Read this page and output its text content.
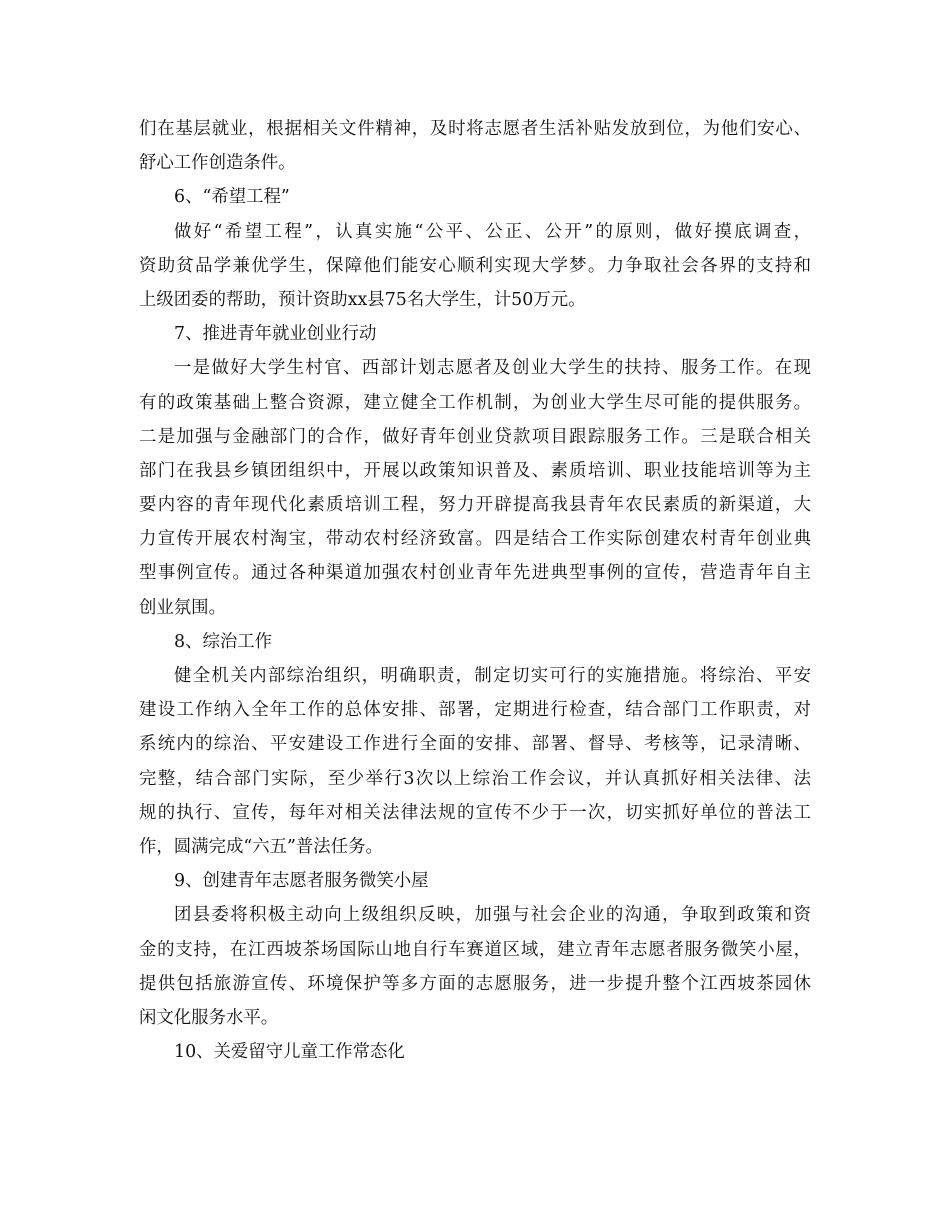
们在基层就业，根据相关文件精神，及时将志愿者生活补贴发放到位，为他们安心、
舒心工作创造条件。
6、“希望工程”
做好“希望工程”，认真实施“公平、公正、公开”的原则，做好摸底调查，
资助贫品学兼优学生，保障他们能安心顺利实现大学梦。力争取社会各界的支持和
上级团委的帮助，预计资助xx县75名大学生，计50万元。
7、推进青年就业创业行动
一是做好大学生村官、西部计划志愿者及创业大学生的扶持、服务工作。在现
有的政策基础上整合资源，建立健全工作机制，为创业大学生尽可能的提供服务。
二是加强与金融部门的合作，做好青年创业贷款项目跟踪服务工作。三是联合相关
部门在我县乡镇团组织中，开展以政策知识普及、素质培训、职业技能培训等为主
要内容的青年现代化素质培训工程，努力开辟提高我县青年农民素质的新渠道，大
力宣传开展农村淘宝，带动农村经济致富。四是结合工作实际创建农村青年创业典
型事例宣传。通过各种渠道加强农村创业青年先进典型事例的宣传，营造青年自主
创业氛围。
8、综治工作
健全机关内部综治组织，明确职责，制定切实可行的实施措施。将综治、平安
建设工作纳入全年工作的总体安排、部署，定期进行检查，结合部门工作职责，对
系统内的综治、平安建设工作进行全面的安排、部署、督导、考核等，记录清晰、
完整，结合部门实际，至少举行3次以上综治工作会议，并认真抓好相关法律、法
规的执行、宣传，每年对相关法律法规的宣传不少于一次，切实抓好单位的普法工
作，圆满完成“六五”普法任务。
9、创建青年志愿者服务微笑小屋
团县委将积极主动向上级组织反映，加强与社会企业的沟通，争取到政策和资
金的支持，在江西坡茶场国际山地自行车赛道区域，建立青年志愿者服务微笑小屋，
提供包括旅游宣传、环境保护等多方面的志愿服务，进一步提升整个江西坡茶园休
闲文化服务水平。
10、关爱留守儿童工作常态化
